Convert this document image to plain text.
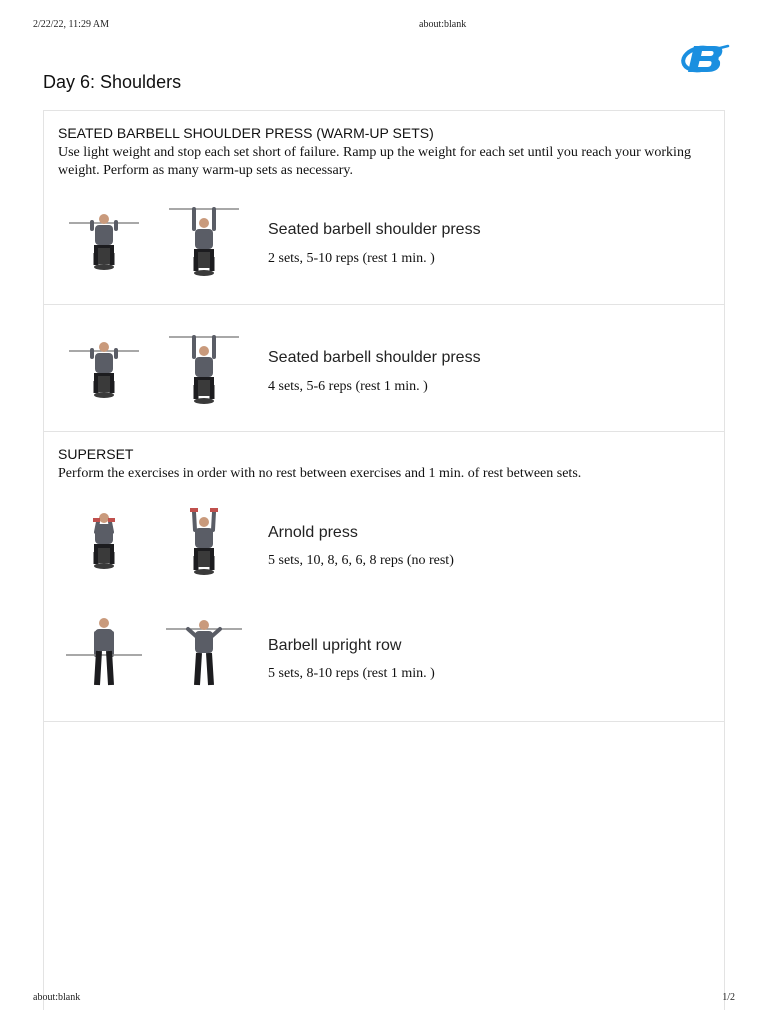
2/22/22, 11:29 AM	about:blank
Day 6: Shoulders
SEATED BARBELL SHOULDER PRESS (WARM-UP SETS)

Use light weight and stop each set short of failure. Ramp up the weight for each set until you reach your working weight. Perform as many warm-up sets as necessary.

Seated barbell shoulder press

2 sets, 5-10 reps (rest 1 min. )

Seated barbell shoulder press

4 sets, 5-6 reps (rest 1 min. )

SUPERSET

Perform the exercises in order with no rest between exercises and 1 min. of rest between sets.

Arnold press

5 sets, 10, 8, 6, 6, 8 reps (no rest)

Barbell upright row

5 sets, 8-10 reps (rest 1 min. )

about:blank	1/2
